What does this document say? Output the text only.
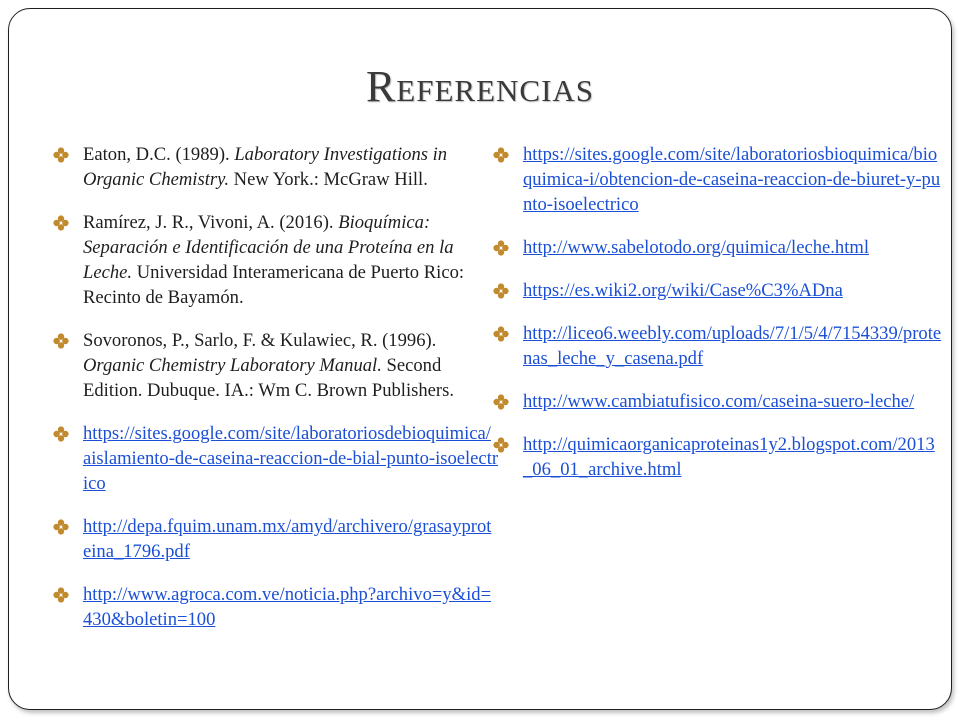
Referencias
Eaton, D.C. (1989). Laboratory Investigations in Organic Chemistry. New York.: McGraw Hill.
Ramírez, J. R., Vivoni, A. (2016). Bioquímica: Separación e Identificación de una Proteína en la Leche. Universidad Interamericana de Puerto Rico: Recinto de Bayamón.
Sovoronos, P., Sarlo, F. & Kulawiec, R. (1996). Organic Chemistry Laboratory Manual. Second Edition. Dubuque. IA.: Wm C. Brown Publishers.
https://sites.google.com/site/laboratoriosdebioquimica/aislamiento-de-caseina-reaccion-de-bial-punto-isoelectrico
http://depa.fquim.unam.mx/amyd/archivero/grasayproteina_1796.pdf
http://www.agroca.com.ve/noticia.php?archivo=y&id=430&boletin=100
https://sites.google.com/site/laboratoriosbioquimica/bioquimica-i/obtencion-de-caseina-reaccion-de-biuret-y-punto-isoelectrico
http://www.sabelotodo.org/quimica/leche.html
https://es.wiki2.org/wiki/Case%C3%ADna
http://liceo6.weebly.com/uploads/7/1/5/4/7154339/protenas_leche_y_casena.pdf
http://www.cambiatufisico.com/caseina-suero-leche/
http://quimicaorganicaproteinas1y2.blogspot.com/2013_06_01_archive.html
